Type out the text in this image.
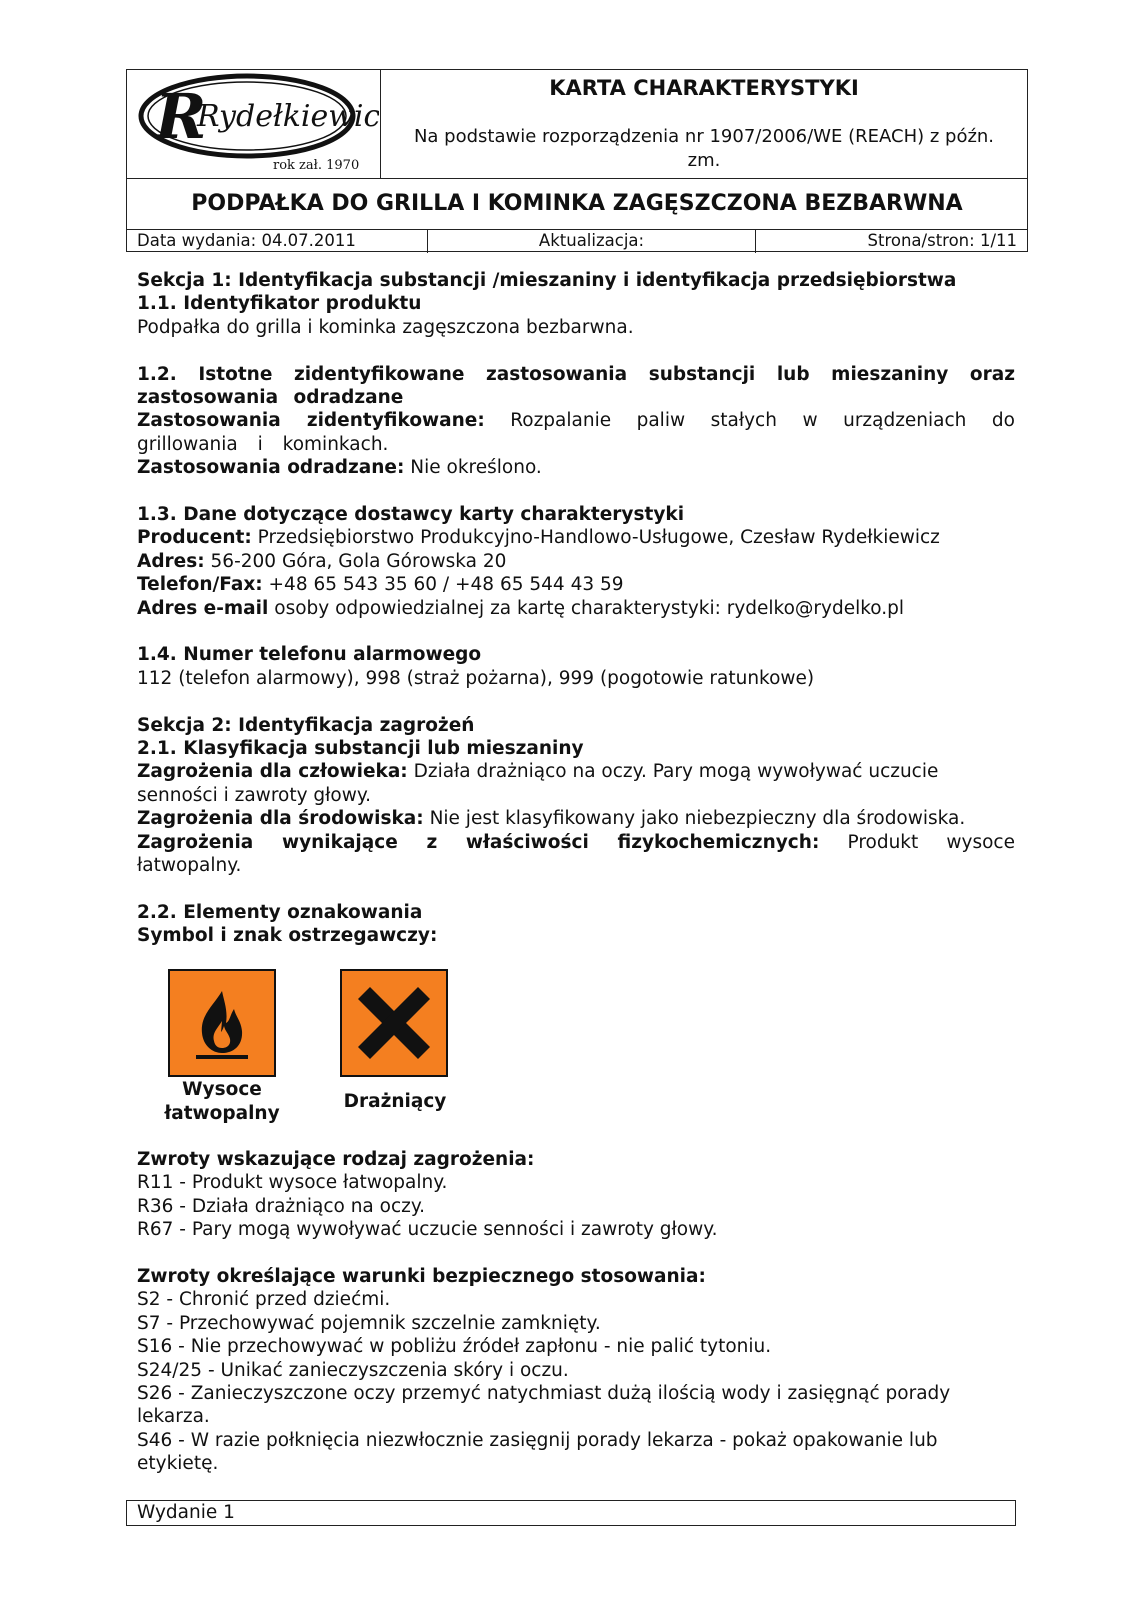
R
Rydełkiewicz
rok zał. 1970
KARTA CHARAKTERYSTYKI
Na podstawie rozporządzenia nr 1907/2006/WE (REACH) z późn. zm.
PODPAŁKA DO GRILLA I KOMINKA ZAGĘSZCZONA BEZBARWNA
Data wydania: 04.07.2011	Aktualizacja:	Strona/stron: 1/11

Sekcja 1: Identyfikacja substancji /mieszaniny i identyfikacja przedsiębiorstwa

1.1. Identyfikator produktu

Podpałka do grilla i kominka zagęszczona bezbarwna.

1.2. Istotne zidentyfikowane zastosowania substancji lub mieszaniny oraz zastosowania odradzane

Zastosowania zidentyfikowane: Rozpalanie paliw stałych w urządzeniach do grillowania i kominkach.

Zastosowania odradzane: Nie określono.

1.3. Dane dotyczące dostawcy karty charakterystyki

Producent: Przedsiębiorstwo Produkcyjno-Handlowo-Usługowe, Czesław Rydełkiewicz

Adres: 56-200 Góra, Gola Górowska 20

Telefon/Fax: +48 65 543 35 60 / +48 65 544 43 59

Adres e-mail osoby odpowiedzialnej za kartę charakterystyki: rydelko@rydelko.pl

1.4. Numer telefonu alarmowego

112 (telefon alarmowy), 998 (straż pożarna), 999 (pogotowie ratunkowe)

Sekcja 2: Identyfikacja zagrożeń

2.1. Klasyfikacja substancji lub mieszaniny

Zagrożenia dla człowieka: Działa drażniąco na oczy. Pary mogą wywoływać uczucie senności i zawroty głowy.

Zagrożenia dla środowiska: Nie jest klasyfikowany jako niebezpieczny dla środowiska.

Zagrożenia wynikające z właściwości fizykochemicznych: Produkt wysoce łatwopalny.

2.2. Elementy oznakowania

Symbol i znak ostrzegawczy:

Wysoce
łatwopalny
Drażniący

Zwroty wskazujące rodzaj zagrożenia:

R11 - Produkt wysoce łatwopalny.

R36 - Działa drażniąco na oczy.

R67 - Pary mogą wywoływać uczucie senności i zawroty głowy.

Zwroty określające warunki bezpiecznego stosowania:

S2 - Chronić przed dziećmi.

S7 - Przechowywać pojemnik szczelnie zamknięty.

S16 - Nie przechowywać w pobliżu źródeł zapłonu - nie palić tytoniu.

S24/25 - Unikać zanieczyszczenia skóry i oczu.

S26 - Zanieczyszczone oczy przemyć natychmiast dużą ilością wody i zasięgnąć porady lekarza.

S46 - W razie połknięcia niezwłocznie zasięgnij porady lekarza - pokaż opakowanie lub etykietę.

Wydanie 1
